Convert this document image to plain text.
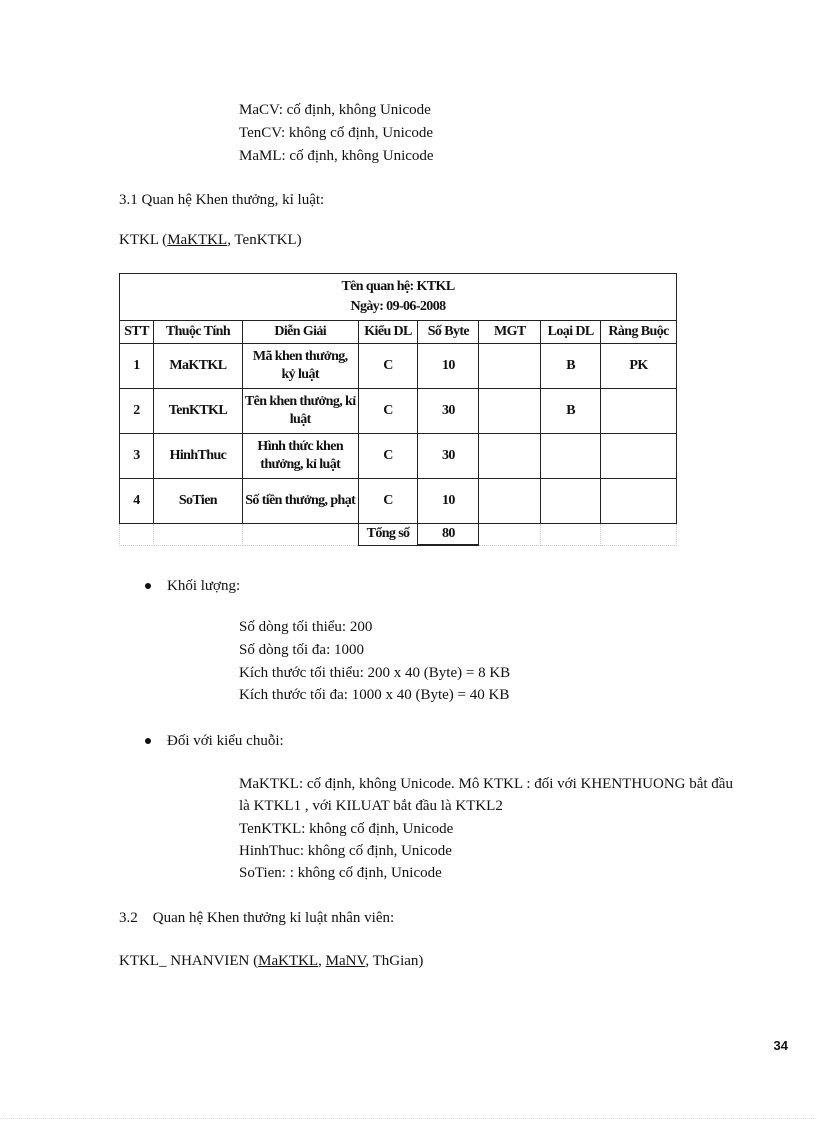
MaCV: cố định, không Unicode
TenCV: không cố định, Unicode
MaML: cố định, không Unicode
3.1 Quan hệ Khen thưởng, kỉ luật:
KTKL (MaKTKL, TenKTKL)
Tên quan hệ: KTKL
Ngày: 09-06-2008							

STT	Thuộc Tính	Diễn Giải	Kiểu DL	Số Byte	MGT	Loại DL	Ràng Buộc
1	MaKTKL	Mã khen thưởng, kỷ luật	C	10		B	PK
2	TenKTKL	Tên khen thưởng, kỉ luật	C	30		B	
3	HinhThuc	Hình thức khen thưởng, kỉ luật	C	30			
4	SoTien	Số tiền thưởng, phạt	C	10			
			Tổng số	80			
Khối lượng:
Số dòng tối thiểu: 200
Số dòng tối đa: 1000
Kích thước tối thiểu: 200 x 40 (Byte) = 8 KB
Kích thước tối đa: 1000 x 40 (Byte) = 40 KB
Đối với kiểu chuỗi:
MaKTKL: cố định, không Unicode. Mô KTKL : đối với KHENTHUONG bắt đầu
là KTKL1 , với KILUAT bắt đầu là KTKL2
TenKTKL: không cố định, Unicode
HinhThuc: không cố định, Unicode
SoTien: : không cố định, Unicode
3.2    Quan hệ Khen thưởng kỉ luật nhân viên:
KTKL_ NHANVIEN (MaKTKL, MaNV, ThGian)
34
